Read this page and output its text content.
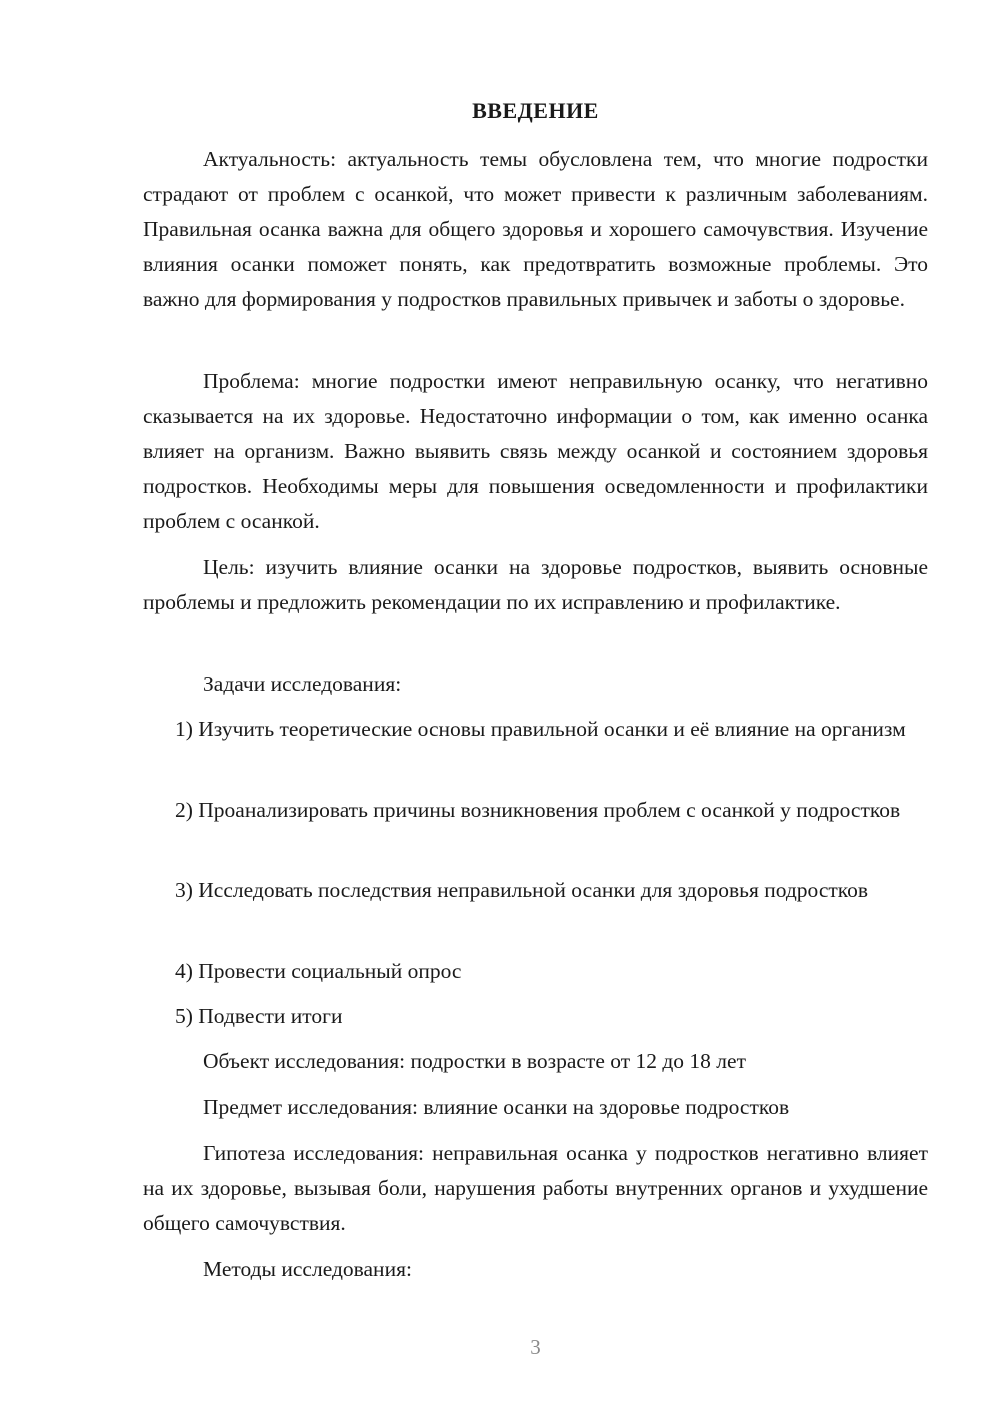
ВВЕДЕНИЕ

Актуальность: актуальность темы обусловлена тем, что многие подростки страдают от проблем с осанкой, что может привести к различным заболеваниям. Правильная осанка важна для общего здоровья и хорошего самочувствия. Изучение влияния осанки поможет понять, как предотвратить возможные проблемы. Это важно для формирования у подростков правильных привычек и заботы о здоровье.

Проблема: многие подростки имеют неправильную осанку, что негативно сказывается на их здоровье. Недостаточно информации о том, как именно осанка влияет на организм. Важно выявить связь между осанкой и состоянием здоровья подростков. Необходимы меры для повышения осведомленности и профилактики проблем с осанкой.

Цель: изучить влияние осанки на здоровье подростков, выявить основные проблемы и предложить рекомендации по их исправлению и профилактике.

Задачи исследования:

1) Изучить теоретические основы правильной осанки и её влияние на организм

2) Проанализировать причины возникновения проблем с осанкой у подростков

3) Исследовать последствия неправильной осанки для здоровья подростков

4) Провести социальный опрос

5) Подвести итоги

Объект исследования: подростки в возрасте от 12 до 18 лет

Предмет исследования: влияние осанки на здоровье подростков

Гипотеза исследования: неправильная осанка у подростков негативно влияет на их здоровье, вызывая боли, нарушения работы внутренних органов и ухудшение общего самочувствия.

Методы исследования:

3
